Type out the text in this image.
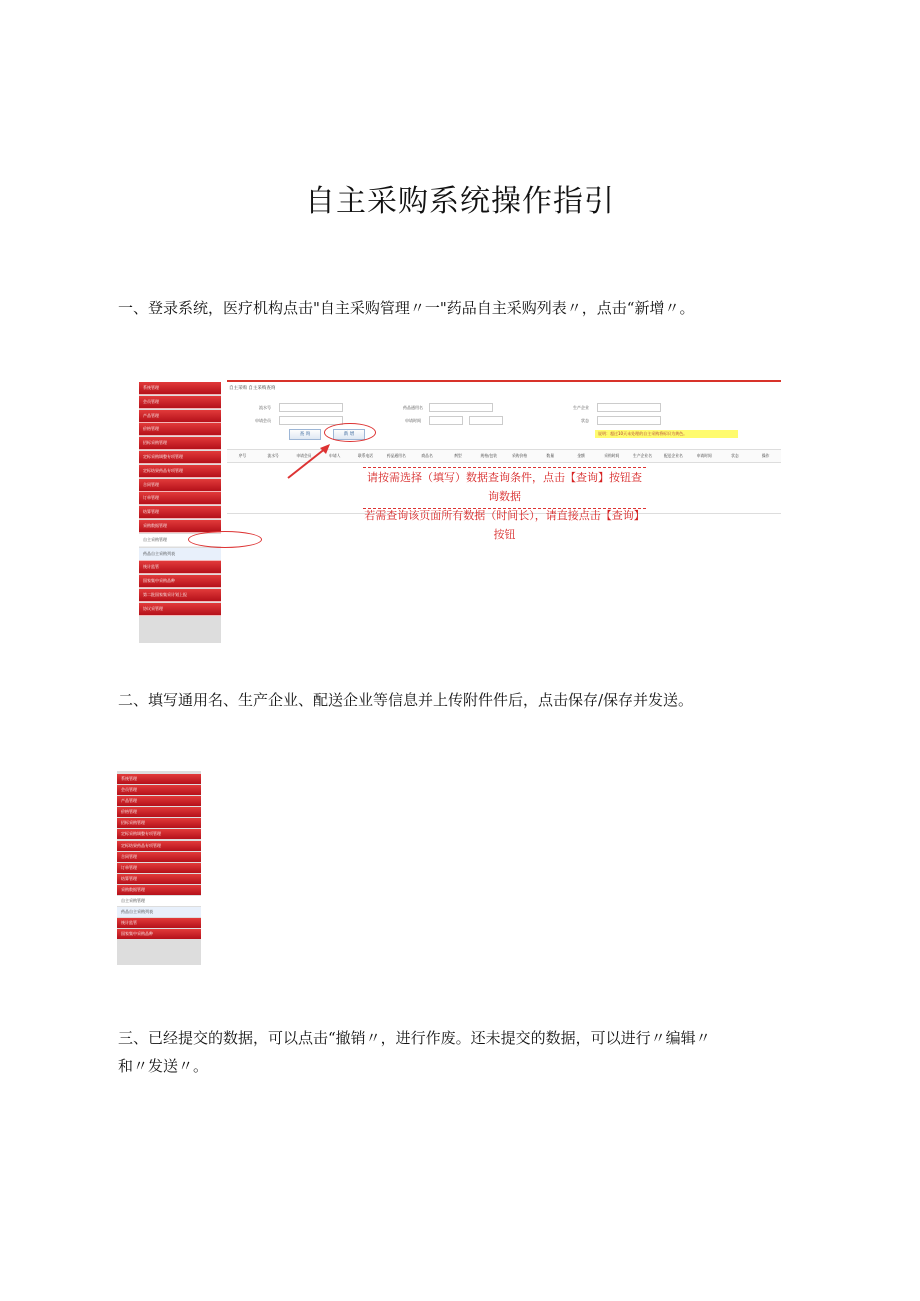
自主采购系统操作指引
一、登录系统，医疗机构点击"自主采购管理〃一"药品自主采购列表〃，点击“新增〃。
系统管理
会员管理
产品管理
价格管理
招标采购管理
定标采购调整专项管理
定标结果药品专项管理
合同管理
订单管理
结算管理
采购数据管理
自主采购管理
药品自主采购列表
统计监管
国家集中采购品种
第二批国家集采计划上报
协议采管理
自主采购 自主采购查询
流水号	药品通用名	生产企业
申请会员	申请时间	状态
查 询	新 增	说明：超过10天未处理的自主采购将标识为黄色。
序号	流水号	申请会员	申请人	联系电话	药品通用名	商品名	剂型	规格/包装	采购价格	数量	金额	采购时间	生产企业名	配送企业名	申请时间	状态	操作
请按需选择（填写）数据查询条件，点击【查询】按钮查询数据
若需查询该页面所有数据（时间长），请直接点击【查询】按钮
二、填写通用名、生产企业、配送企业等信息并上传附件件后，点击保存/保存并发送。
系统管理
会员管理
产品管理
价格管理
招标采购管理
定标采购调整专项管理
定标结果药品专项管理
合同管理
订单管理
结算管理
采购数据管理
自主采购管理
药品自主采购列表
统计监管
国家集中采购品种
三、已经提交的数据，可以点击“撤销〃，进行作废。还未提交的数据，可以进行〃编辑〃
和〃发送〃。
